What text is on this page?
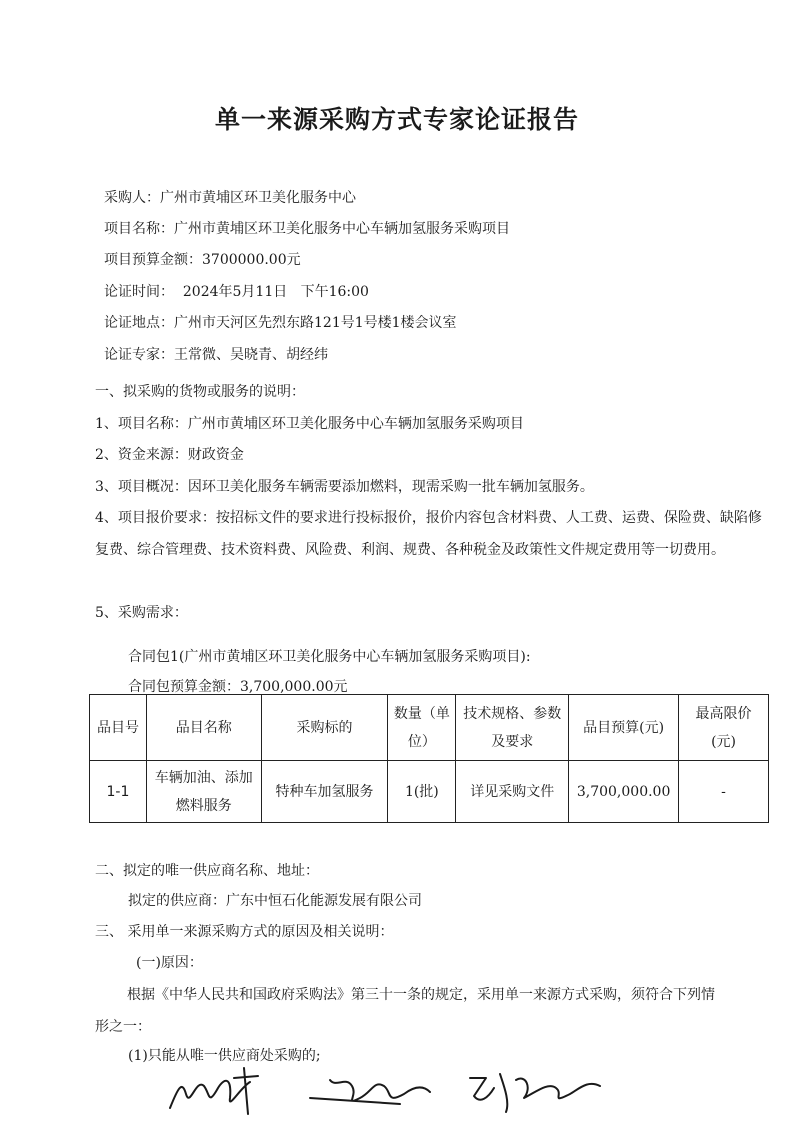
单一来源采购方式专家论证报告
采购人：广州市黄埔区环卫美化服务中心
项目名称：广州市黄埔区环卫美化服务中心车辆加氢服务采购项目
项目预算金额：3700000.00元
论证时间：  2024年5月11日   下午16:00
论证地点：广州市天河区先烈东路121号1号楼1楼会议室
论证专家：王常微、吴晓青、胡经纬
一、拟采购的货物或服务的说明：
1、项目名称：广州市黄埔区环卫美化服务中心车辆加氢服务采购项目
2、资金来源：财政资金
3、项目概况：因环卫美化服务车辆需要添加燃料，现需采购一批车辆加氢服务。
4、项目报价要求：按招标文件的要求进行投标报价，报价内容包含材料费、人工费、运费、保险费、缺陷修复费、综合管理费、技术资料费、风险费、利润、规费、各种税金及政策性文件规定费用等一切费用。
5、采购需求：
合同包1(广州市黄埔区环卫美化服务中心车辆加氢服务采购项目):
合同包预算金额：3,700,000.00元
品目号	品目名称	采购标的	数量（单位）	技术规格、参数及要求	品目预算(元)	最高限价(元)
1-1	车辆加油、添加燃料服务	特种车加氢服务	1(批)	详见采购文件	3,700,000.00	-
二、拟定的唯一供应商名称、地址：
拟定的供应商：广东中恒石化能源发展有限公司
三、 采用单一来源采购方式的原因及相关说明：
(一)原因：
根据《中华人民共和国政府采购法》第三十一条的规定，采用单一来源方式采购，须符合下列情形之一：
(1)只能从唯一供应商处采购的;
